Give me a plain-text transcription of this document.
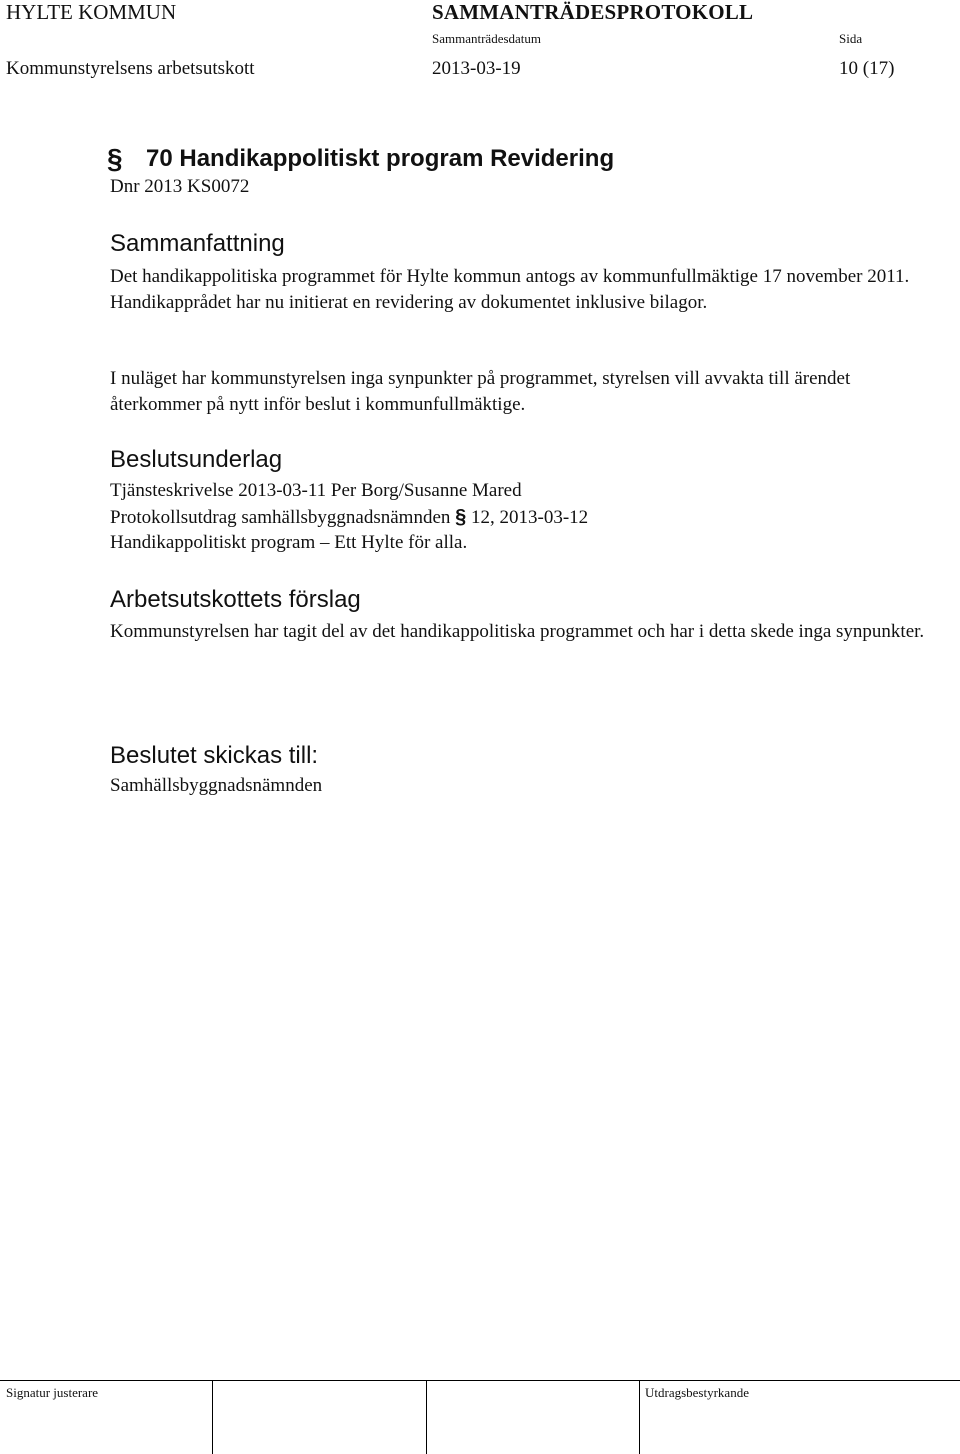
HYLTE KOMMUN	SAMMANTRÄDESPROTOKOLL
Sammanträdesdatum	Sida
Kommunstyrelsens arbetsutskott	2013-03-19	10 (17)
§ 70 Handikappolitiskt program Revidering
Dnr 2013 KS0072
Sammanfattning

Det handikappolitiska programmet för Hylte kommun antogs av kommunfullmäktige 17 november 2011. Handikapprådet har nu initierat en revidering av dokumentet inklusive bilagor.

I nuläget har kommunstyrelsen inga synpunkter på programmet, styrelsen vill avvakta till ärendet återkommer på nytt inför beslut i kommunfullmäktige.

Beslutsunderlag
Tjänsteskrivelse 2013-03-11 Per Borg/Susanne Mared
Protokollsutdrag samhällsbyggnadsnämnden § 12, 2013-03-12
Handikappolitiskt program – Ett Hylte för alla.
Arbetsutskottets förslag

Kommunstyrelsen har tagit del av det handikappolitiska programmet och har i detta skede inga synpunkter.

Beslutet skickas till:
Samhällsbyggnadsnämnden
Signatur justerare	Utdragsbestyrkande
